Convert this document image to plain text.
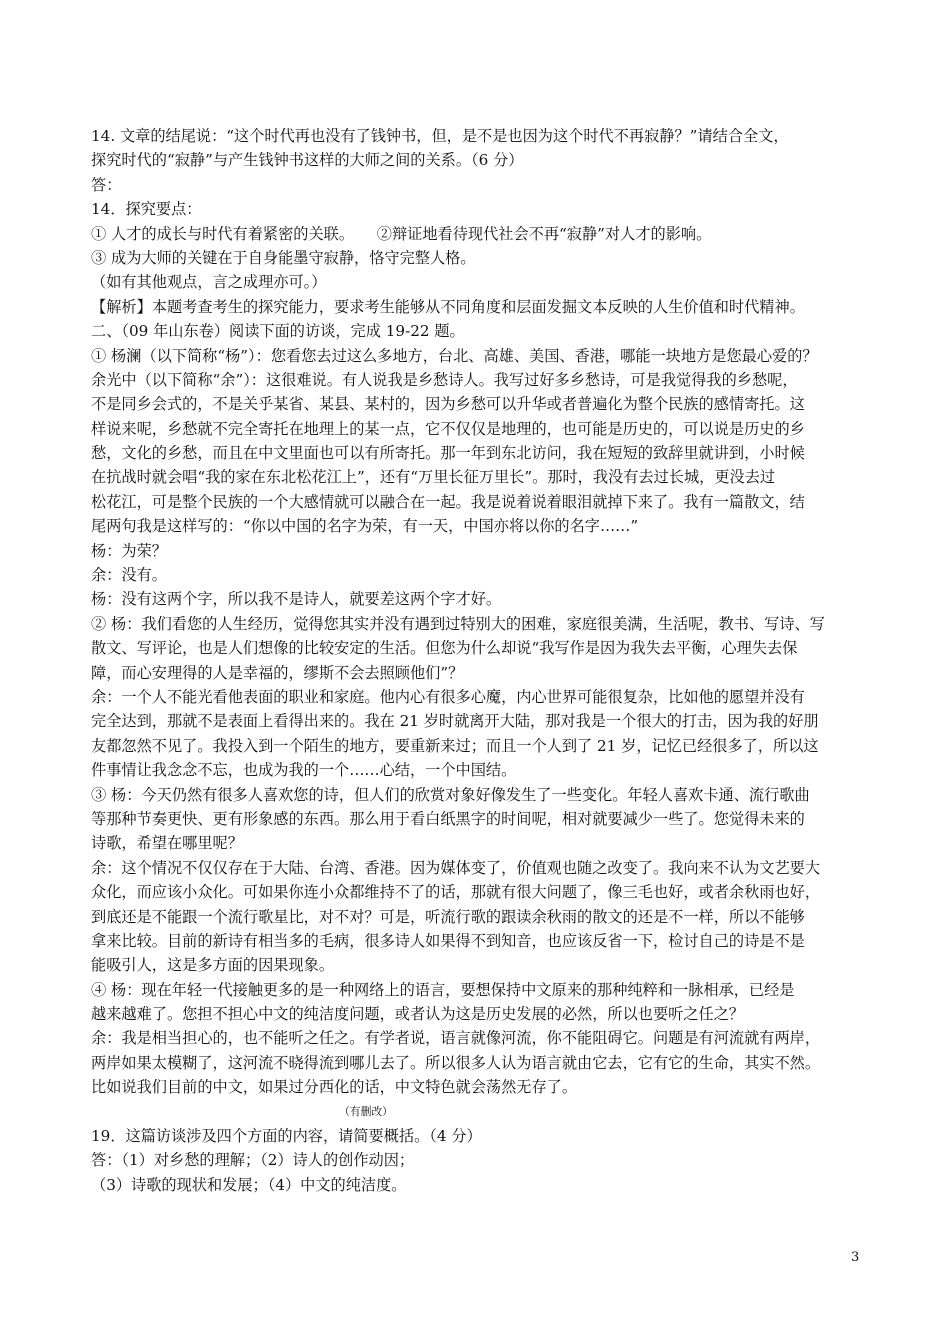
14. 文章的结尾说：“这个时代再也没有了钱钟书，但，是不是也因为这个时代不再寂静？”请结合全文，
探究时代的“寂静”与产生钱钟书这样的大师之间的关系。（6 分）
答：
14．探究要点：
① 人才的成长与时代有着紧密的关联。　　②辩证地看待现代社会不再“寂静”对人才的影响。
③ 成为大师的关键在于自身能墨守寂静，恪守完整人格。
（如有其他观点，言之成理亦可。）
【解析】本题考查考生的探究能力，要求考生能够从不同角度和层面发掘文本反映的人生价值和时代精神。
二、（09 年山东卷）阅读下面的访谈，完成 19-22 题。
① 杨澜（以下简称“杨”）：您看您去过这么多地方，台北、高雄、美国、香港，哪能一块地方是您最心爱的？
余光中（以下简称“余”）：这很难说。有人说我是乡愁诗人。我写过好多乡愁诗，可是我觉得我的乡愁呢，
不是同乡会式的，不是关乎某省、某县、某村的，因为乡愁可以升华或者普遍化为整个民族的感情寄托。这
样说来呢，乡愁就不完全寄托在地理上的某一点，它不仅仅是地理的，也可能是历史的，可以说是历史的乡
愁，文化的乡愁，而且在中文里面也可以有所寄托。那一年到东北访问，我在短短的致辞里就讲到，小时候
在抗战时就会唱“我的家在东北松花江上”，还有“万里长征万里长”。那时，我没有去过长城，更没去过
松花江，可是整个民族的一个大感情就可以融合在一起。我是说着说着眼泪就掉下来了。我有一篇散文，结
尾两句我是这样写的：“你以中国的名字为荣，有一天，中国亦将以你的名字……”
杨：为荣？
余：没有。
杨：没有这两个字，所以我不是诗人，就要差这两个字才好。
② 杨：我们看您的人生经历，觉得您其实并没有遇到过特别大的困难，家庭很美满，生活呢，教书、写诗、写
散文、写评论，也是人们想像的比较安定的生活。但您为什么却说“我写作是因为我失去平衡，心理失去保
障，而心安理得的人是幸福的，缪斯不会去照顾他们”？
余：一个人不能光看他表面的职业和家庭。他内心有很多心魔，内心世界可能很复杂，比如他的愿望并没有
完全达到，那就不是表面上看得出来的。我在 21 岁时就离开大陆，那对我是一个很大的打击，因为我的好朋
友都忽然不见了。我投入到一个陌生的地方，要重新来过；而且一个人到了 21 岁，记忆已经很多了，所以这
件事情让我念念不忘，也成为我的一个……心结，一个中国结。
③ 杨：今天仍然有很多人喜欢您的诗，但人们的欣赏对象好像发生了一些变化。年轻人喜欢卡通、流行歌曲
等那种节奏更快、更有形象感的东西。那么用于看白纸黑字的时间呢，相对就要减少一些了。您觉得未来的
诗歌，希望在哪里呢？
余：这个情况不仅仅存在于大陆、台湾、香港。因为媒体变了，价值观也随之改变了。我向来不认为文艺要大
众化，而应该小众化。可如果你连小众都维持不了的话，那就有很大问题了，像三毛也好，或者余秋雨也好，
到底还是不能跟一个流行歌星比，对不对？可是，听流行歌的跟读余秋雨的散文的还是不一样，所以不能够
拿来比较。目前的新诗有相当多的毛病，很多诗人如果得不到知音，也应该反省一下，检讨自己的诗是不是
能吸引人，这是多方面的因果现象。
④ 杨：现在年轻一代接触更多的是一种网络上的语言，要想保持中文原来的那种纯粹和一脉相承，已经是
越来越难了。您担不担心中文的纯洁度问题，或者认为这是历史发展的必然，所以也要听之任之？
余：我是相当担心的，也不能听之任之。有学者说，语言就像河流，你不能阻碍它。问题是有河流就有两岸，
两岸如果太模糊了，这河流不晓得流到哪儿去了。所以很多人认为语言就由它去，它有它的生命，其实不然。
比如说我们目前的中文，如果过分西化的话，中文特色就会荡然无存了。
（有删改）
19．这篇访谈涉及四个方面的内容，请简要概括。（4 分）
答：（1）对乡愁的理解；（2）诗人的创作动因；
（3）诗歌的现状和发展；（4）中文的纯洁度。
3
